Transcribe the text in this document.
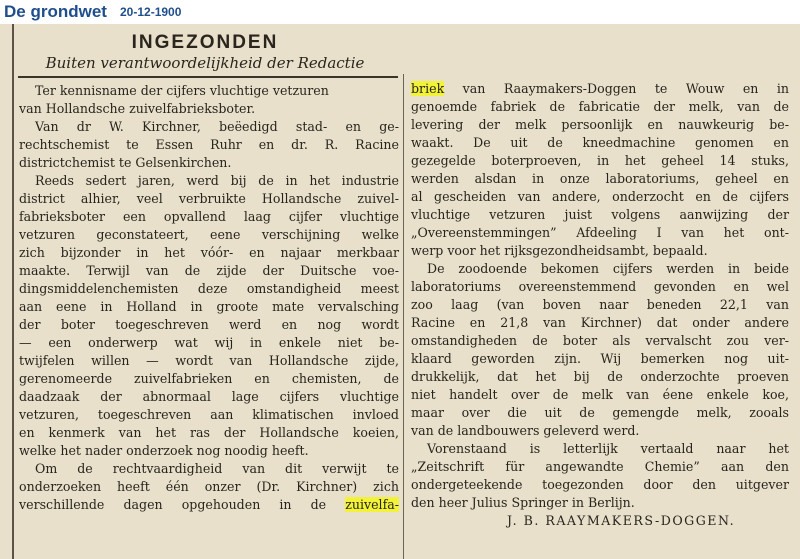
De grondwet 20-12-1900
INGEZONDEN
Buiten verantwoordelijkheid der Redactie
Ter kennisname der cijfers vluchtige vetzuren
van Hollandsche zuivelfabrieksboter.
Van dr W. Kirchner, beëedigd stad- en ge-
rechtschemist te Essen Ruhr en dr. R. Racine
districtchemist te Gelsenkirchen.
Reeds sedert jaren, werd bij de in het industrie
district alhier, veel verbruikte Hollandsche zuivel-
fabrieksboter een opvallend laag cijfer vluchtige
vetzuren geconstateert, eene verschijning welke
zich bijzonder in het vóór- en najaar merkbaar
maakte. Terwijl van de zijde der Duitsche voe-
dingsmiddelenchemisten deze omstandigheid meest
aan eene in Holland in groote mate vervalsching
der boter toegeschreven werd en nog wordt
— een onderwerp wat wij in enkele niet be-
twijfelen willen — wordt van Hollandsche zijde,
gerenomeerde zuivelfabrieken en chemisten, de
daadzaak der abnormaal lage cijfers vluchtige
vetzuren, toegeschreven aan klimatischen invloed
en kenmerk van het ras der Hollandsche koeien,
welke het nader onderzoek nog noodig heeft.
Om de rechtvaardigheid van dit verwijt te
onderzoeken heeft één onzer (Dr. Kirchner) zich
verschillende dagen opgehouden in de zuivelfa-
briek van Raaymakers-Doggen te Wouw en in
genoemde fabriek de fabricatie der melk, van de
levering der melk persoonlijk en nauwkeurig be-
waakt. De uit de kneedmachine genomen en
gezegelde boterproeven, in het geheel 14 stuks,
werden alsdan in onze laboratoriums, geheel en
al gescheiden van andere, onderzocht en de cijfers
vluchtige vetzuren juist volgens aanwijzing der
„Overeenstemmingen” Afdeeling I van het ont-
werp voor het rijksgezondheidsambt, bepaald.
De zoodoende bekomen cijfers werden in beide
laboratoriums overeenstemmend gevonden en wel
zoo laag (van boven naar beneden 22,1 van
Racine en 21,8 van Kirchner) dat onder andere
omstandigheden de boter als vervalscht zou ver-
klaard geworden zijn. Wij bemerken nog uit-
drukkelijk, dat het bij de onderzochte proeven
niet handelt over de melk van éene enkele koe,
maar over die uit de gemengde melk, zooals
van de landbouwers geleverd werd.
Vorenstaand is letterlijk vertaald naar het
„Zeitschrift für angewandte Chemie” aan den
ondergeteekende toegezonden door den uitgever
den heer Julius Springer in Berlijn.
J. B. RAAYMAKERS-DOGGEN.
